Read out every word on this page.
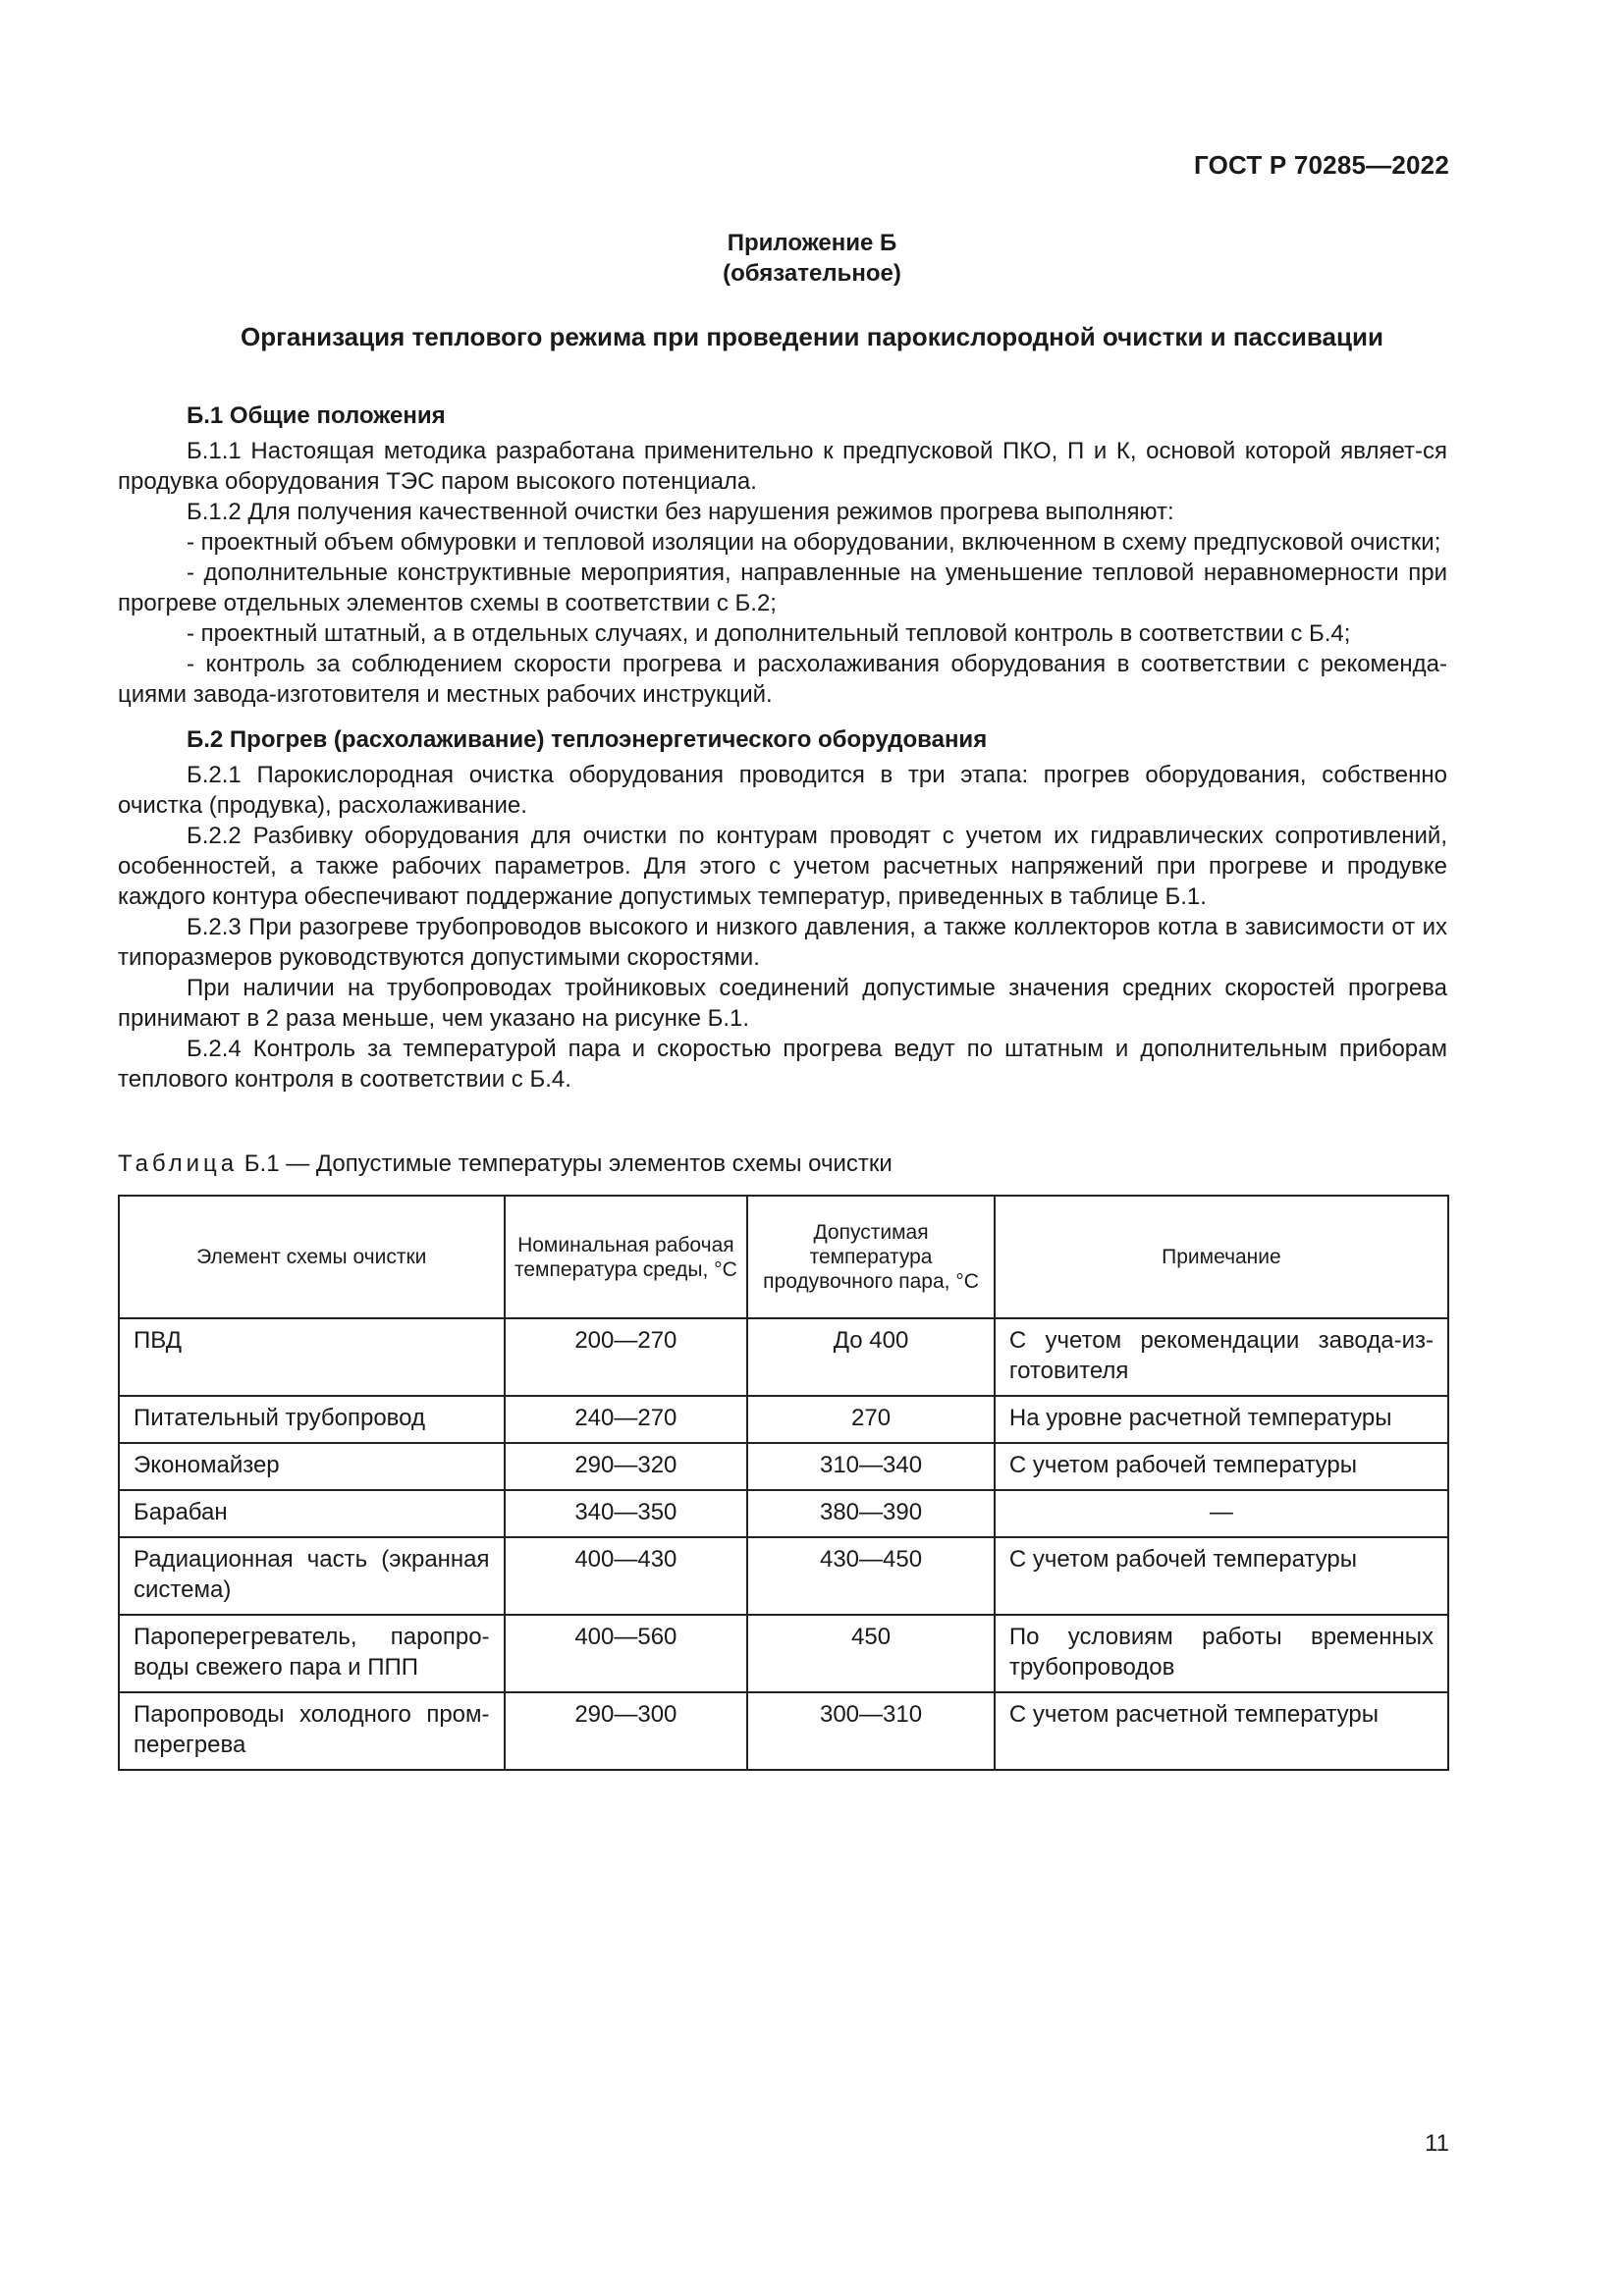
ГОСТ Р 70285—2022
Приложение Б
(обязательное)
Организация теплового режима при проведении парокислородной очистки и пассивации
Б.1 Общие положения

Б.1.1 Настоящая методика разработана применительно к предпусковой ПКО, П и К, основой которой являет-ся продувка оборудования ТЭС паром высокого потенциала.

Б.1.2 Для получения качественной очистки без нарушения режимов прогрева выполняют:

- проектный объем обмуровки и тепловой изоляции на оборудовании, включенном в схему предпусковой очистки;

- дополнительные конструктивные мероприятия, направленные на уменьшение тепловой неравномерности при прогреве отдельных элементов схемы в соответствии с Б.2;

- проектный штатный, а в отдельных случаях, и дополнительный тепловой контроль в соответствии с Б.4;

- контроль за соблюдением скорости прогрева и расхолаживания оборудования в соответствии с рекоменда-циями завода-изготовителя и местных рабочих инструкций.

Б.2 Прогрев (расхолаживание) теплоэнергетического оборудования

Б.2.1 Парокислородная очистка оборудования проводится в три этапа: прогрев оборудования, собственно очистка (продувка), расхолаживание.

Б.2.2 Разбивку оборудования для очистки по контурам проводят с учетом их гидравлических сопротивлений, особенностей, а также рабочих параметров. Для этого с учетом расчетных напряжений при прогреве и продувке каждого контура обеспечивают поддержание допустимых температур, приведенных в таблице Б.1.

Б.2.3 При разогреве трубопроводов высокого и низкого давления, а также коллекторов котла в зависимости от их типоразмеров руководствуются допустимыми скоростями.

При наличии на трубопроводах тройниковых соединений допустимые значения средних скоростей прогрева принимают в 2 раза меньше, чем указано на рисунке Б.1.

Б.2.4 Контроль за температурой пара и скоростью прогрева ведут по штатным и дополнительным приборам теплового контроля в соответствии с Б.4.

Таблица Б.1 — Допустимые температуры элементов схемы очистки
Элемент схемы очистки	Номинальная рабочая температура среды, °С	Допустимая температура продувочного пара, °С	Примечание
ПВД	200—270	До 400	С учетом рекомендации завода-из-готовителя
Питательный трубопровод	240—270	270	На уровне расчетной температуры
Экономайзер	290—320	310—340	С учетом рабочей температуры
Барабан	340—350	380—390	—
Радиационная часть (экранная система)	400—430	430—450	С учетом рабочей температуры
Пароперегреватель, паропро-воды свежего пара и ППП	400—560	450	По условиям работы временных трубопроводов
Паропроводы холодного пром-перегрева	290—300	300—310	С учетом расчетной температуры
11
